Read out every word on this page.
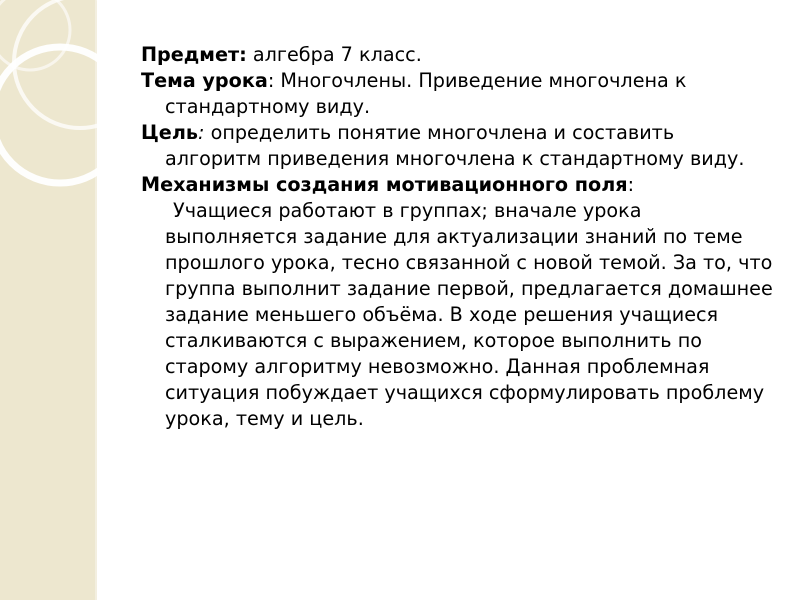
Предмет: алгебра 7 класс.

Тема урока: Многочлены. Приведение многочлена к стандартному виду.

Цель: определить понятие многочлена и составить алгоритм приведения многочлена к стандартному виду.

Механизмы создания мотивационного поля:

Учащиеся работают в группах; вначале урока выполняется задание для актуализации знаний по теме прошлого урока, тесно связанной с новой темой. За то, что группа выполнит задание первой, предлагается домашнее задание меньшего объёма. В ходе решения учащиеся сталкиваются с выражением, которое выполнить по старому алгоритму невозможно. Данная проблемная ситуация побуждает учащихся сформулировать проблему урока, тему и цель.
